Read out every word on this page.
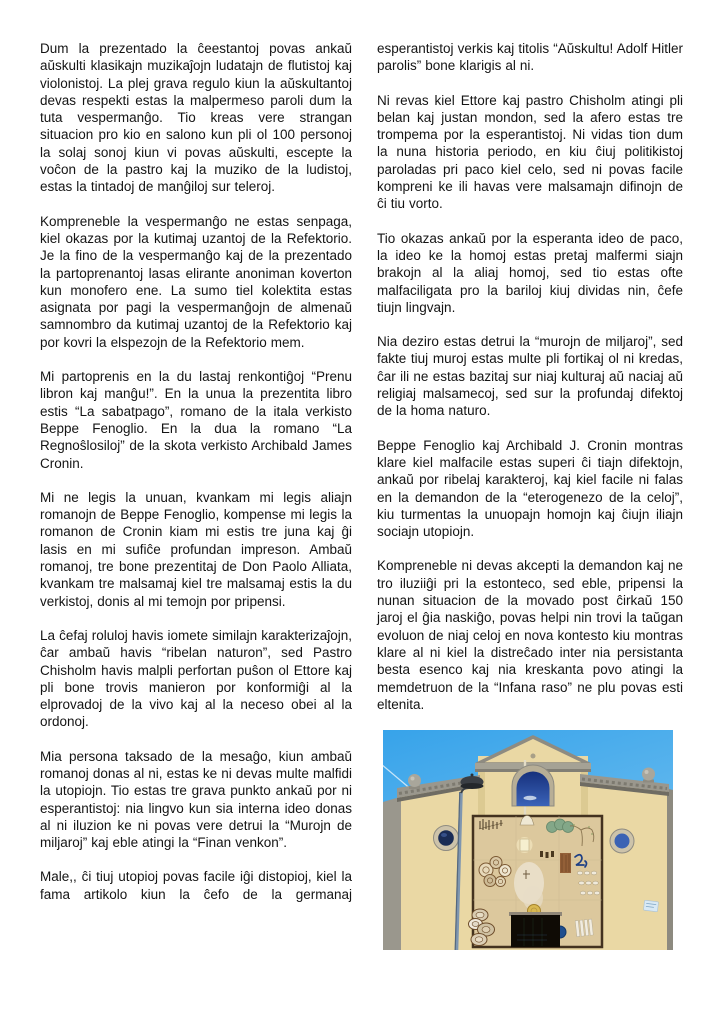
Dum la prezentado la ĉeestantoj povas ankaŭ aŭskulti klasikajn muzikaĵojn ludatajn de flutistoj kaj violonistoj. La plej grava regulo kiun la aŭskultantoj devas respekti estas la malpermeso paroli dum la tuta vespermanĝo. Tio kreas vere strangan situacion pro kio en salono kun pli ol 100 personoj la solaj sonoj kiun vi povas aŭskulti, escepte la voĉon de la pastro kaj la muziko de la ludistoj, estas la tintadoj de manĝiloj sur teleroj.

Kompreneble la vespermanĝo ne estas senpaga, kiel okazas por la kutimaj uzantoj de la Refektorio. Je la fino de la vespermanĝo kaj de la prezentado la partoprenantoj lasas elirante anoniman koverton kun monofero ene. La sumo tiel kolektita estas asignata por pagi la vespermanĝojn de almenaŭ samnombro da kutimaj uzantoj de la Refektorio kaj por kovri la elspezojn de la Refektorio mem.

Mi partoprenis en la du lastaj renkontiĝoj “Prenu libron kaj manĝu!”. En la unua la prezentita libro estis “La sabatpago”, romano de la itala verkisto Beppe Fenoglio. En la dua la romano “La Regnoŝlosiloj” de la skota verkisto Archibald James Cronin.

Mi ne legis la unuan, kvankam mi legis aliajn romanojn de Beppe Fenoglio, kompense mi legis la romanon de Cronin kiam mi estis tre juna kaj ĝi lasis en mi sufiĉe profundan impreson. Ambaŭ romanoj, tre bone prezentitaj de Don Paolo Alliata, kvankam tre malsamaj kiel tre malsamaj estis la du verkistoj, donis al mi temojn por pripensi.

La ĉefaj roluloj havis iomete similajn karakterizaĵojn, ĉar ambaŭ havis “ribelan naturon”, sed Pastro Chisholm havis malpli perfortan puŝon ol Ettore kaj pli bone trovis manieron por konformiĝi al la elprovadoj de la vivo kaj al la neceso obei al la ordonoj.

Mia persona taksado de la mesaĝo, kiun ambaŭ romanoj donas al ni, estas ke ni devas multe malfidi la utopiojn. Tio estas tre grava punkto ankaŭ por ni esperantistoj: nia lingvo kun sia interna ideo donas al ni iluzion ke ni povas vere detrui la “Murojn de miljaroj” kaj eble atingi la “Finan venkon”.

Male,, ĉi tiuj utopioj povas facile iĝi distopioj, kiel la fama artikolo kiun la ĉefo de la germanaj

esperantistoj verkis kaj titolis “Aŭskultu! Adolf Hitler parolis” bone klarigis al ni.

Ni revas kiel Ettore kaj pastro Chisholm atingi pli belan kaj justan mondon, sed la afero estas tre trompema por la esperantistoj. Ni vidas tion dum la nuna historia periodo, en kiu ĉiuj politikistoj paroladas pri paco kiel celo, sed ni povas facile kompreni ke ili havas vere malsamajn difinojn de ĉi tiu vorto.

Tio okazas ankaŭ por la esperanta ideo de paco, la ideo ke la homoj estas pretaj malfermi siajn brakojn al la aliaj homoj, sed tio estas ofte malfaciligata pro la bariloj kiuj dividas nin, ĉefe tiujn lingvajn.

Nia deziro estas detrui la “murojn de miljaroj”, sed fakte tiuj muroj estas multe pli fortikaj ol ni kredas, ĉar ili ne estas bazitaj sur niaj kulturaj aŭ naciaj aŭ religiaj malsamecoj, sed sur la profundaj difektoj de la homa naturo.

Beppe Fenoglio kaj Archibald J. Cronin montras klare kiel malfacile estas superi ĉi tiajn difektojn, ankaŭ por ribelaj karakteroj, kaj kiel facile ni falas en la demandon de la “eterogenezo de la celoj”, kiu turmentas la unuopajn homojn kaj ĉiujn iliajn sociajn utopiojn.

Kompreneble ni devas akcepti la demandon kaj ne tro iluziiĝi pri la estonteco, sed eble, pripensi la nunan situacion de la movado post ĉirkaŭ 150 jaroj el ĝia naskiĝo, povas helpi nin trovi la taŭgan evoluon de niaj celoj en nova kontesto kiu montras klare al ni kiel la distreĉado inter nia persistanta besta esenco kaj nia kreskanta povo atingi la memdetruon de la “Infana raso” ne plu povas esti eltenita.
